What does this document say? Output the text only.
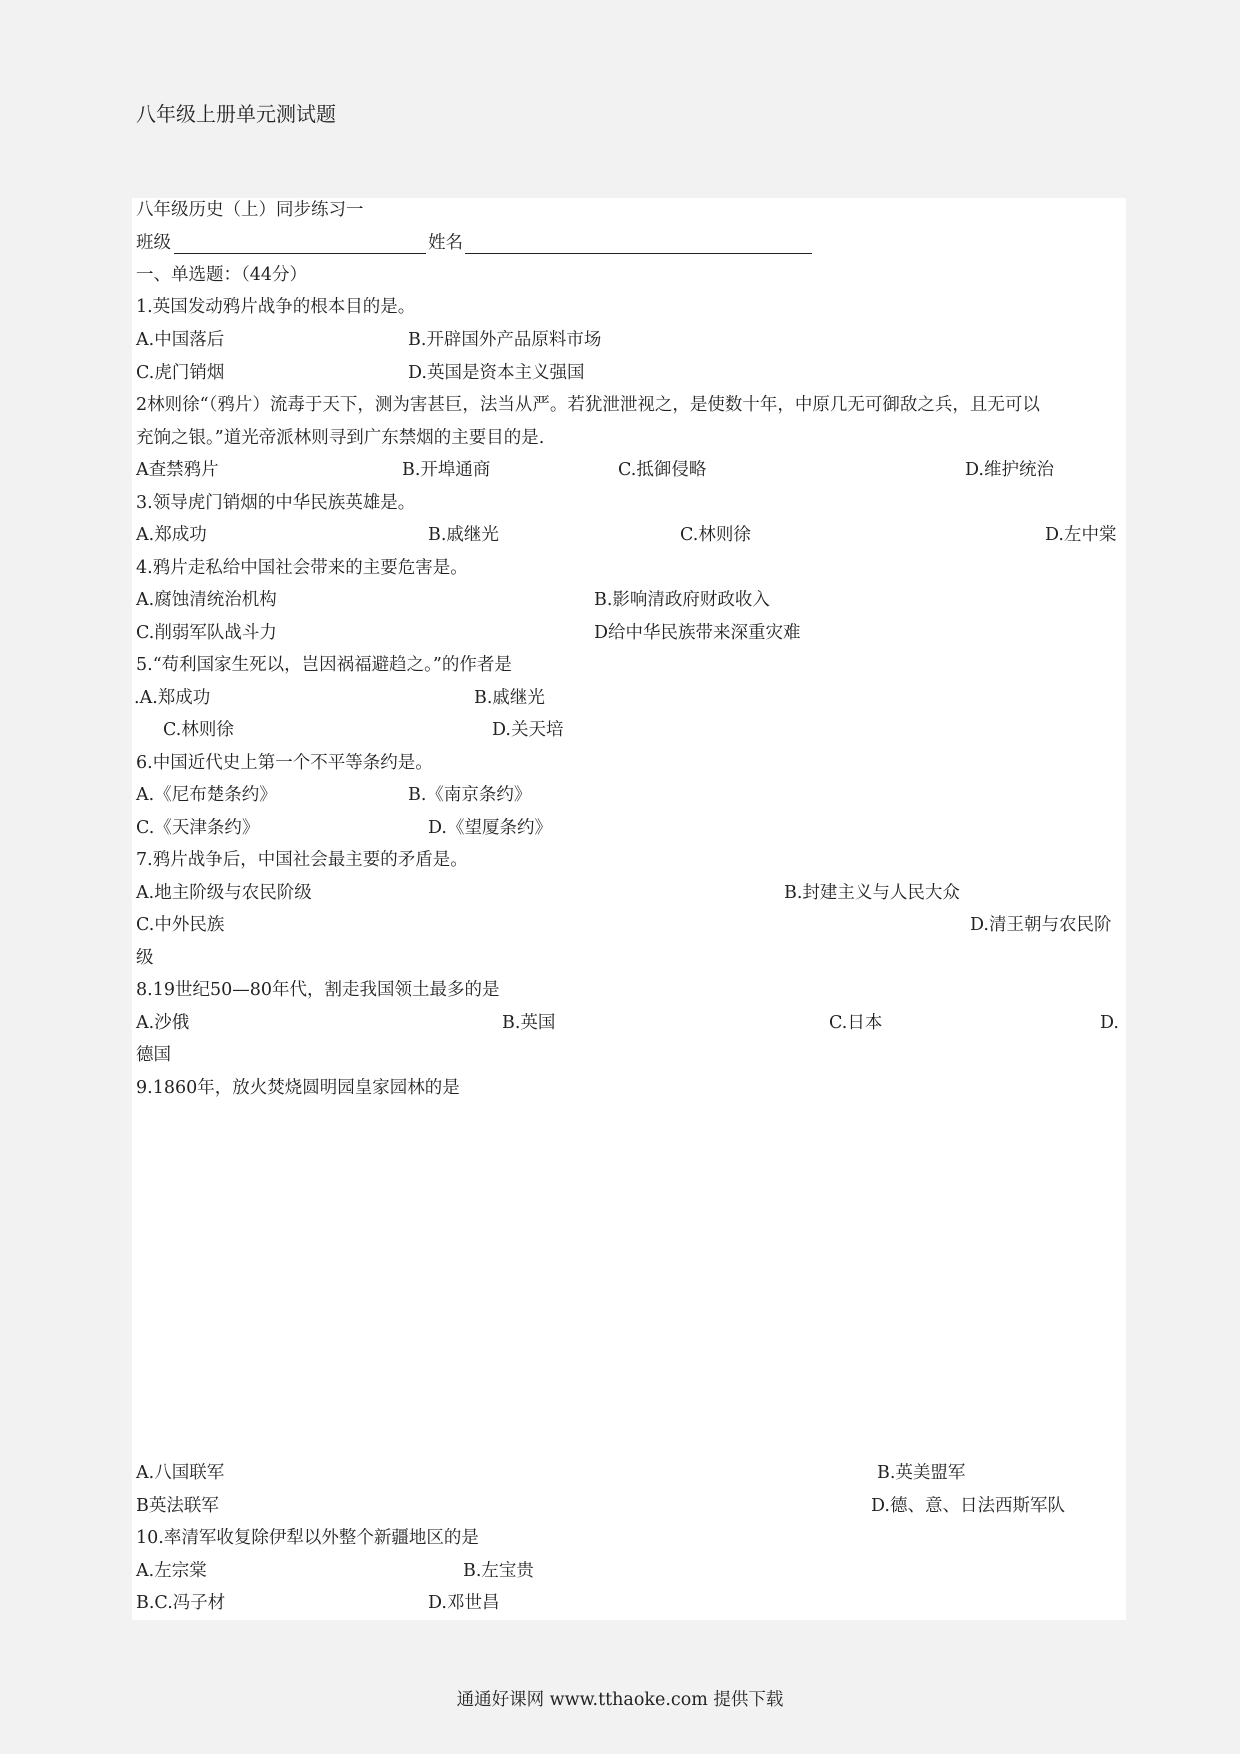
八年级上册单元测试题
八年级历史（上）同步练习一
班级	姓名
一、单选题：（44分）
1.英国发动鸦片战争的根本目的是。
A.中国落后	B.开辟国外产品原料市场
C.虎门销烟	D.英国是资本主义强国
2林则徐“（鸦片）流毒于天下，测为害甚巨，法当从严。若犹泄泄视之，是使数十年，中原几无可御敌之兵，且无可以
充饷之银。”道光帝派林则寻到广东禁烟的主要目的是.
A查禁鸦片	B.开埠通商	C.抵御侵略	D.维护统治
3.领导虎门销烟的中华民族英雄是。
A.郑成功	B.戚继光	C.林则徐	D.左中棠
4.鸦片走私给中国社会带来的主要危害是。
A.腐蚀清统治机构	B.影响清政府财政收入
C.削弱军队战斗力	D给中华民族带来深重灾难
5.“苟利国家生死以，岂因祸福避趋之。”的作者是
.A.郑成功	B.戚继光
C.林则徐	D.关天培
6.中国近代史上第一个不平等条约是。
A.《尼布楚条约》	B.《南京条约》
C.《天津条约》	D.《望厦条约》
7.鸦片战争后，中国社会最主要的矛盾是。
A.地主阶级与农民阶级	B.封建主义与人民大众
C.中外民族	D.清王朝与农民阶
级
8.19世纪50—80年代，割走我国领土最多的是
A.沙俄	B.英国	C.日本	D.
德国
9.1860年，放火焚烧圆明园皇家园林的是
A.八国联军	B.英美盟军
B英法联军	D.德、意、日法西斯军队
10.率清军收复除伊犁以外整个新疆地区的是
A.左宗棠	B.左宝贵
B.C.冯子材	D.邓世昌
通通好课网 www.tthaoke.com 提供下载
